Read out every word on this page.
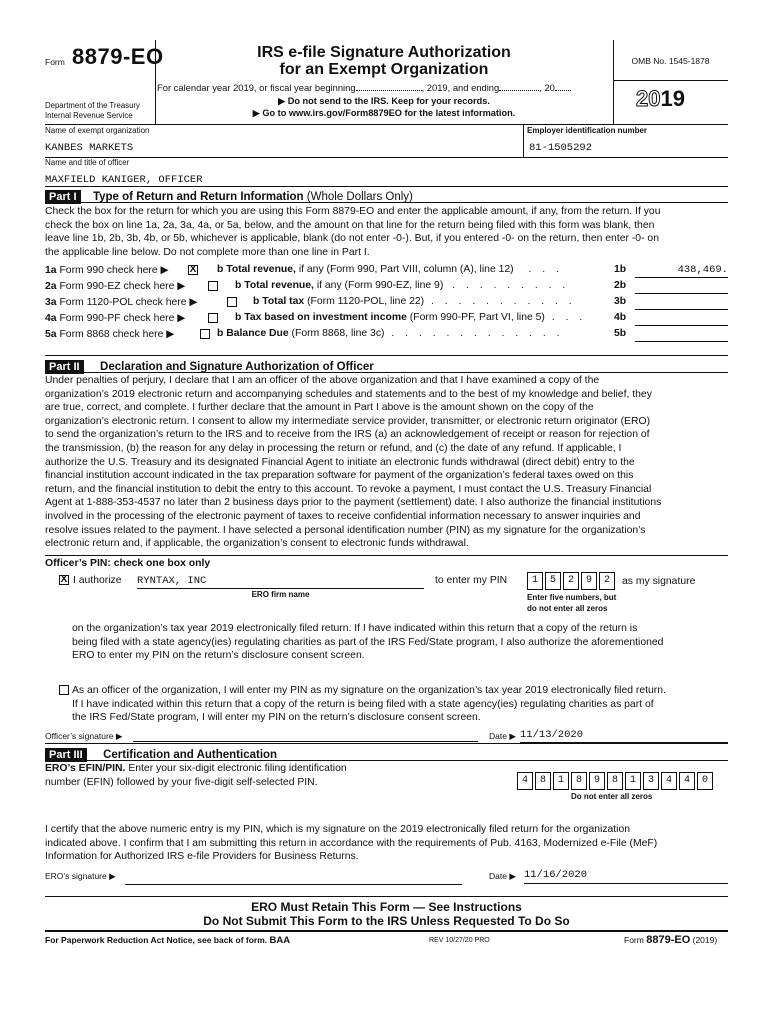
Form 8879-EO
Department of the Treasury
Internal Revenue Service
IRS e-file Signature Authorization
for an Exempt Organization
For calendar year 2019, or fiscal year beginning	, 2019, and ending	, 20
▶ Do not send to the IRS. Keep for your records.
▶ Go to www.irs.gov/Form8879EO for the latest information.
OMB No. 1545-1878
2019
Name of exempt organization	Employer identification number
KANBES MARKETS	81-1505292
Name and title of officer
MAXFIELD KANIGER, OFFICER
Part I Type of Return and Return Information (Whole Dollars Only)
Check the box for the return for which you are using this Form 8879-EO and enter the applicable amount, if any, from the return. If you
check the box on line 1a, 2a, 3a, 4a, or 5a, below, and the amount on that line for the return being filed with this form was blank, then
leave line 1b, 2b, 3b, 4b, or 5b, whichever is applicable, blank (do not enter -0-). But, if you entered -0- on the return, then enter -0- on
the applicable line below. Do not complete more than one line in Part I.
1a Form 990 check here ▶ X b Total revenue, if any (Form 990, Part VIII, column (A), line 12) . . .	1b	438,469.
2a Form 990-EZ check here ▶	b Total revenue, if any (Form 990-EZ, line 9) . . . . . . . . .	2b
3a Form 1120-POL check here ▶	b Total tax (Form 1120-POL, line 22) . . . . . . . . . . .	3b
4a Form 990-PF check here ▶	b Tax based on investment income (Form 990-PF, Part VI, line 5) . . .	4b
5a Form 8868 check here ▶	b Balance Due (Form 8868, line 3c) . . . . . . . . . . . . .	5b
Part II Declaration and Signature Authorization of Officer
Under penalties of perjury, I declare that I am an officer of the above organization and that I have examined a copy of the
organization’s 2019 electronic return and accompanying schedules and statements and to the best of my knowledge and belief, they
are true, correct, and complete. I further declare that the amount in Part I above is the amount shown on the copy of the
organization’s electronic return. I consent to allow my intermediate service provider, transmitter, or electronic return originator (ERO)
to send the organization’s return to the IRS and to receive from the IRS (a) an acknowledgement of receipt or reason for rejection of
the transmission, (b) the reason for any delay in processing the return or refund, and (c) the date of any refund. If applicable, I
authorize the U.S. Treasury and its designated Financial Agent to initiate an electronic funds withdrawal (direct debit) entry to the
financial institution account indicated in the tax preparation software for payment of the organization’s federal taxes owed on this
return, and the financial institution to debit the entry to this account. To revoke a payment, I must contact the U.S. Treasury Financial
Agent at 1-888-353-4537 no later than 2 business days prior to the payment (settlement) date. I also authorize the financial institutions
involved in the processing of the electronic payment of taxes to receive confidential information necessary to answer inquiries and
resolve issues related to the payment. I have selected a personal identification number (PIN) as my signature for the organization’s
electronic return and, if applicable, the organization’s consent to electronic funds withdrawal.
Officer’s PIN: check one box only
X I authorize RYNTAX, INC
ERO firm name
to enter my PIN	1 5 2 9 2	as my signature
Enter five numbers, but
do not enter all zeros
on the organization’s tax year 2019 electronically filed return. If I have indicated within this return that a copy of the return is
being filed with a state agency(ies) regulating charities as part of the IRS Fed/State program, I also authorize the aforementioned
ERO to enter my PIN on the return’s disclosure consent screen.
As an officer of the organization, I will enter my PIN as my signature on the organization’s tax year 2019 electronically filed return.
If I have indicated within this return that a copy of the return is being filed with a state agency(ies) regulating charities as part of
the IRS Fed/State program, I will enter my PIN on the return’s disclosure consent screen.
Officer’s signature ▶	Date ▶ 11/13/2020
Part III Certification and Authentication
ERO’s EFIN/PIN. Enter your six-digit electronic filing identification
number (EFIN) followed by your five-digit self-selected PIN.	4 8 1 8 9 8 1 3 4 4 0
Do not enter all zeros
I certify that the above numeric entry is my PIN, which is my signature on the 2019 electronically filed return for the organization
indicated above. I confirm that I am submitting this return in accordance with the requirements of Pub. 4163, Modernized e-File (MeF)
Information for Authorized IRS e-file Providers for Business Returns.
ERO’s signature ▶	Date ▶ 11/16/2020
ERO Must Retain This Form — See Instructions
Do Not Submit This Form to the IRS Unless Requested To Do So
For Paperwork Reduction Act Notice, see back of form. BAA	REV 10/27/20 PRO	Form 8879-EO (2019)
